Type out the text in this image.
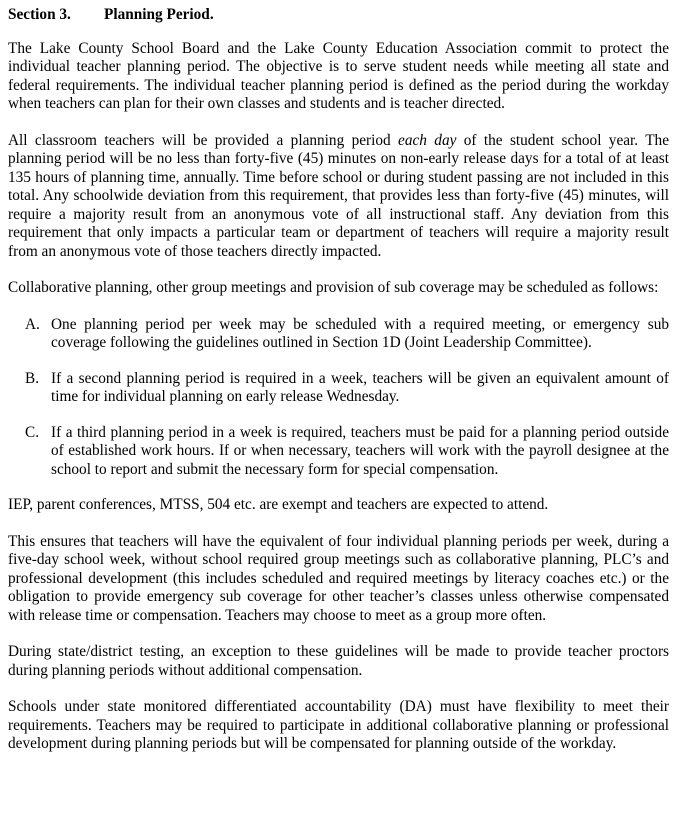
Section 3.	Planning Period.

The Lake County School Board and the Lake County Education Association commit to protect the individual teacher planning period. The objective is to serve student needs while meeting all state and federal requirements. The individual teacher planning period is defined as the period during the workday when teachers can plan for their own classes and students and is teacher directed.

All classroom teachers will be provided a planning period each day of the student school year. The planning period will be no less than forty-five (45) minutes on non-early release days for a total of at least 135 hours of planning time, annually. Time before school or during student passing are not included in this total. Any schoolwide deviation from this requirement, that provides less than forty-five (45) minutes, will require a majority result from an anonymous vote of all instructional staff. Any deviation from this requirement that only impacts a particular team or department of teachers will require a majority result from an anonymous vote of those teachers directly impacted.

Collaborative planning, other group meetings and provision of sub coverage may be scheduled as follows:

A. One planning period per week may be scheduled with a required meeting, or emergency sub coverage following the guidelines outlined in Section 1D (Joint Leadership Committee).
B. If a second planning period is required in a week, teachers will be given an equivalent amount of time for individual planning on early release Wednesday.
C. If a third planning period in a week is required, teachers must be paid for a planning period outside of established work hours. If or when necessary, teachers will work with the payroll designee at the school to report and submit the necessary form for special compensation.

IEP, parent conferences, MTSS, 504 etc. are exempt and teachers are expected to attend.

This ensures that teachers will have the equivalent of four individual planning periods per week, during a five-day school week, without school required group meetings such as collaborative planning, PLC’s and professional development (this includes scheduled and required meetings by literacy coaches etc.) or the obligation to provide emergency sub coverage for other teacher’s classes unless otherwise compensated with release time or compensation. Teachers may choose to meet as a group more often.

During state/district testing, an exception to these guidelines will be made to provide teacher proctors during planning periods without additional compensation.

Schools under state monitored differentiated accountability (DA) must have flexibility to meet their requirements. Teachers may be required to participate in additional collaborative planning or professional development during planning periods but will be compensated for planning outside of the workday.
